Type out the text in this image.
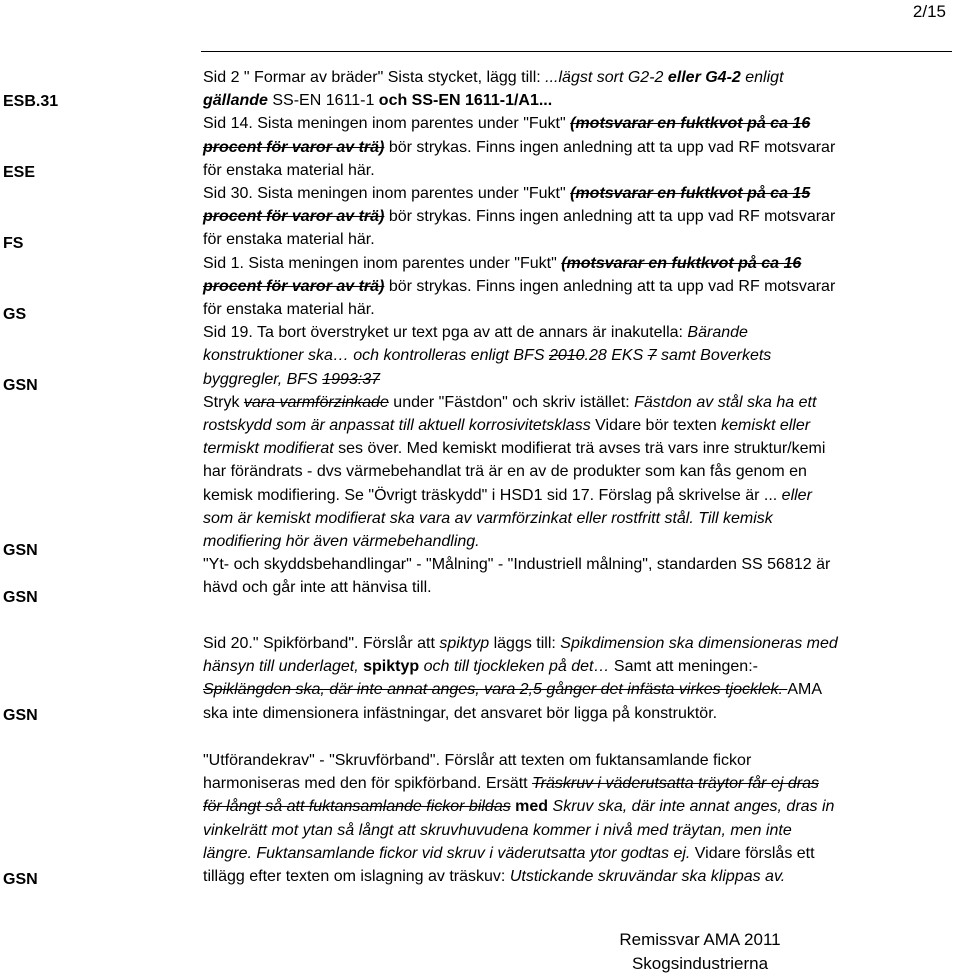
2/15
ESB.31
ESE
FS
GS
GSN
GSN
GSN
GSN
GSN

Sid 2 " Formar av bräder" Sista stycket, lägg till: ...lägst sort G2-2 eller G4-2 enligt

gällande SS-EN 1611-1 och SS-EN 1611-1/A1...

Sid 14. Sista meningen inom parentes under "Fukt" (motsvarar en fuktkvot på ca 16

procent för varor av trä) bör strykas. Finns ingen anledning att ta upp vad RF motsvarar

för enstaka material här.

Sid 30. Sista meningen inom parentes under "Fukt" (motsvarar en fuktkvot på ca 15

procent för varor av trä) bör strykas. Finns ingen anledning att ta upp vad RF motsvarar

för enstaka material här.

Sid 1. Sista meningen inom parentes under "Fukt" (motsvarar en fuktkvot på ca 16

procent för varor av trä) bör strykas. Finns ingen anledning att ta upp vad RF motsvarar

för enstaka material här.

Sid 19. Ta bort överstryket ur text pga av att de annars är inakutella: Bärande

konstruktioner ska… och kontrolleras enligt BFS 2010.28 EKS 7 samt Boverkets

byggregler, BFS 1993:37

Stryk vara varmförzinkade under "Fästdon" och skriv istället: Fästdon av stål ska ha ett

rostskydd som är anpassat till aktuell korrosivitetsklass Vidare bör texten kemiskt eller

termiskt modifierat ses över. Med kemiskt modifierat trä avses trä vars inre struktur/kemi

har förändrats - dvs värmebehandlat trä är en av de produkter som kan fås genom en

kemisk modifiering. Se "Övrigt träskydd" i HSD1 sid 17. Förslag på skrivelse är ... eller

som är kemiskt modifierat ska vara av varmförzinkat eller rostfritt stål. Till kemisk

modifiering hör även värmebehandling.

"Yt- och skyddsbehandlingar" - "Målning" - "Industriell målning", standarden SS 56812 är

hävd och går inte att hänvisa till.

Sid 20." Spikförband". Förslår att spiktyp läggs till: Spikdimension ska dimensioneras med

hänsyn till underlaget, spiktyp och till tjockleken på det… Samt att meningen:-

Spiklängden ska, där inte annat anges, vara 2,5 gånger det infästa virkes tjocklek. AMA

ska inte dimensionera infästningar, det ansvaret bör ligga på konstruktör.

"Utförandekrav" - "Skruvförband". Förslår att texten om fuktansamlande fickor

harmoniseras med den för spikförband. Ersätt Träskruv i väderutsatta träytor får ej dras

för långt så att fuktansamlande fickor bildas med Skruv ska, där inte annat anges, dras in

vinkelrätt mot ytan så långt att skruvhuvudena kommer i nivå med träytan, men inte

längre. Fuktansamlande fickor vid skruv i väderutsatta ytor godtas ej. Vidare förslås ett

tillägg efter texten om islagning av träskuv: Utstickande skruvändar ska klippas av.

Remissvar AMA 2011
Skogsindustrierna
